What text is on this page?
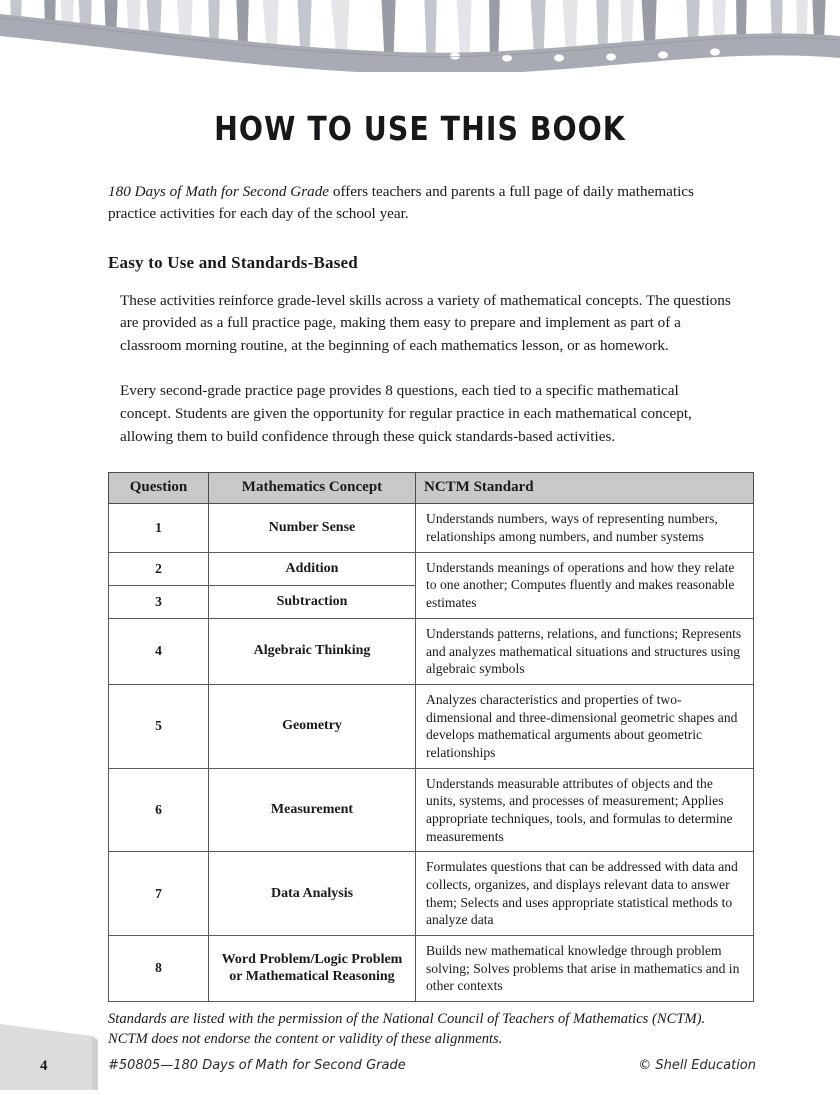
HOW TO USE THIS BOOK

180 Days of Math for Second Grade offers teachers and parents a full page of daily mathematics practice activities for each day of the school year.

Easy to Use and Standards-Based

These activities reinforce grade-level skills across a variety of mathematical concepts. The questions are provided as a full practice page, making them easy to prepare and implement as part of a classroom morning routine, at the beginning of each mathematics lesson, or as homework.

Every second-grade practice page provides 8 questions, each tied to a specific mathematical concept. Students are given the opportunity for regular practice in each mathematical concept, allowing them to build confidence through these quick standards-based activities.

Question	Mathematics Concept	NCTM Standard
1	Number Sense	Understands numbers, ways of representing numbers, relationships among numbers, and number systems
2	Addition	Understands meanings of operations and how they relate to one another; Computes fluently and makes reasonable estimates
3	Subtraction	
4	Algebraic Thinking	Understands patterns, relations, and functions; Represents and analyzes mathematical situations and structures using algebraic symbols
5	Geometry	Analyzes characteristics and properties of two-dimensional and three-dimensional geometric shapes and develops mathematical arguments about geometric relationships
6	Measurement	Understands measurable attributes of objects and the units, systems, and processes of measurement; Applies appropriate techniques, tools, and formulas to determine measurements
7	Data Analysis	Formulates questions that can be addressed with data and collects, organizes, and displays relevant data to answer them; Selects and uses appropriate statistical methods to analyze data
8	Word Problem/Logic Problem or Mathematical Reasoning	Builds new mathematical knowledge through problem solving; Solves problems that arise in mathematics and in other contexts

Standards are listed with the permission of the National Council of Teachers of Mathematics (NCTM). NCTM does not endorse the content or validity of these alignments.

4	#50805—180 Days of Math for Second Grade	© Shell Education
